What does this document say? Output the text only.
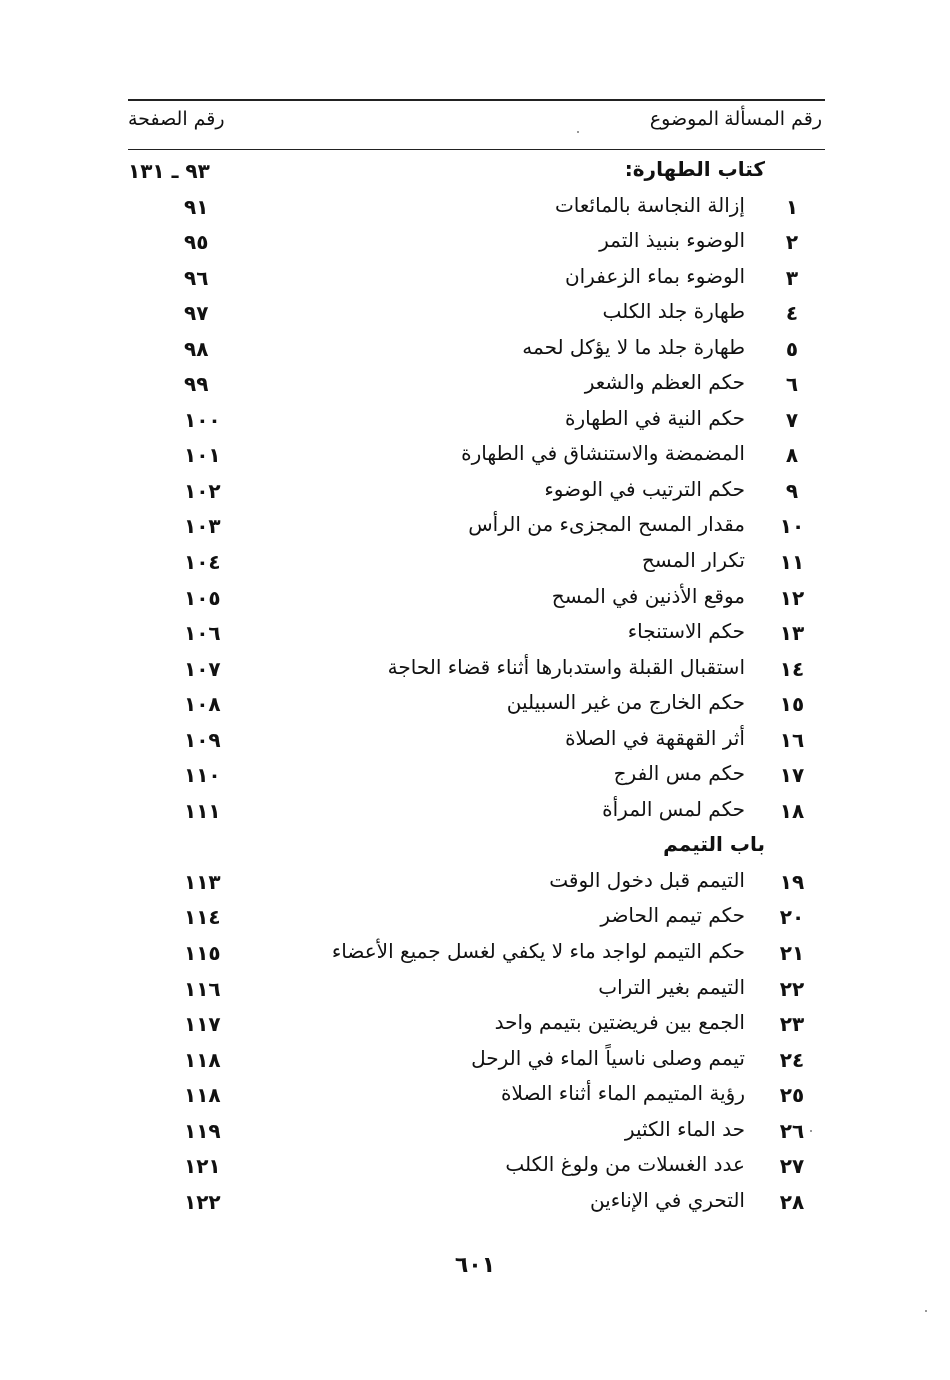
رقم المسألة
الموضوع
رقم الصفحة
كتاب الطهارة:
٩٣ ـ ١٣١
١
إزالة النجاسة بالمائعات
٩١
٢
الوضوء بنبيذ التمر
٩٥
٣
الوضوء بماء الزعفران
٩٦
٤
طهارة جلد الكلب
٩٧
٥
طهارة جلد ما لا يؤكل لحمه
٩٨
٦
حكم العظم والشعر
٩٩
٧
حكم النية في الطهارة
١٠٠
٨
المضمضة والاستنشاق في الطهارة
١٠١
٩
حكم الترتيب في الوضوء
١٠٢
١٠
مقدار المسح المجزىء من الرأس
١٠٣
١١
تكرار المسح
١٠٤
١٢
موقع الأذنين في المسح
١٠٥
١٣
حكم الاستنجاء
١٠٦
١٤
استقبال القبلة واستدبارها أثناء قضاء الحاجة
١٠٧
١٥
حكم الخارج من غير السبيلين
١٠٨
١٦
أثر القهقهة في الصلاة
١٠٩
١٧
حكم مس الفرج
١١٠
١٨
حكم لمس المرأة
١١١
باب التيمم
١٩
التيمم قبل دخول الوقت
١١٣
٢٠
حكم تيمم الحاضر
١١٤
٢١
حكم التيمم لواجد ماء لا يكفي لغسل جميع الأعضاء
١١٥
٢٢
التيمم بغير التراب
١١٦
٢٣
الجمع بين فريضتين بتيمم واحد
١١٧
٢٤
تيمم وصلى ناسياً الماء في الرحل
١١٨
٢٥
رؤية المتيمم الماء أثناء الصلاة
١١٨
٢٦
حد الماء الكثير
١١٩
٢٧
عدد الغسلات من ولوغ الكلب
١٢١
٢٨
التحري في الإناءين
١٢٢
٦٠١
